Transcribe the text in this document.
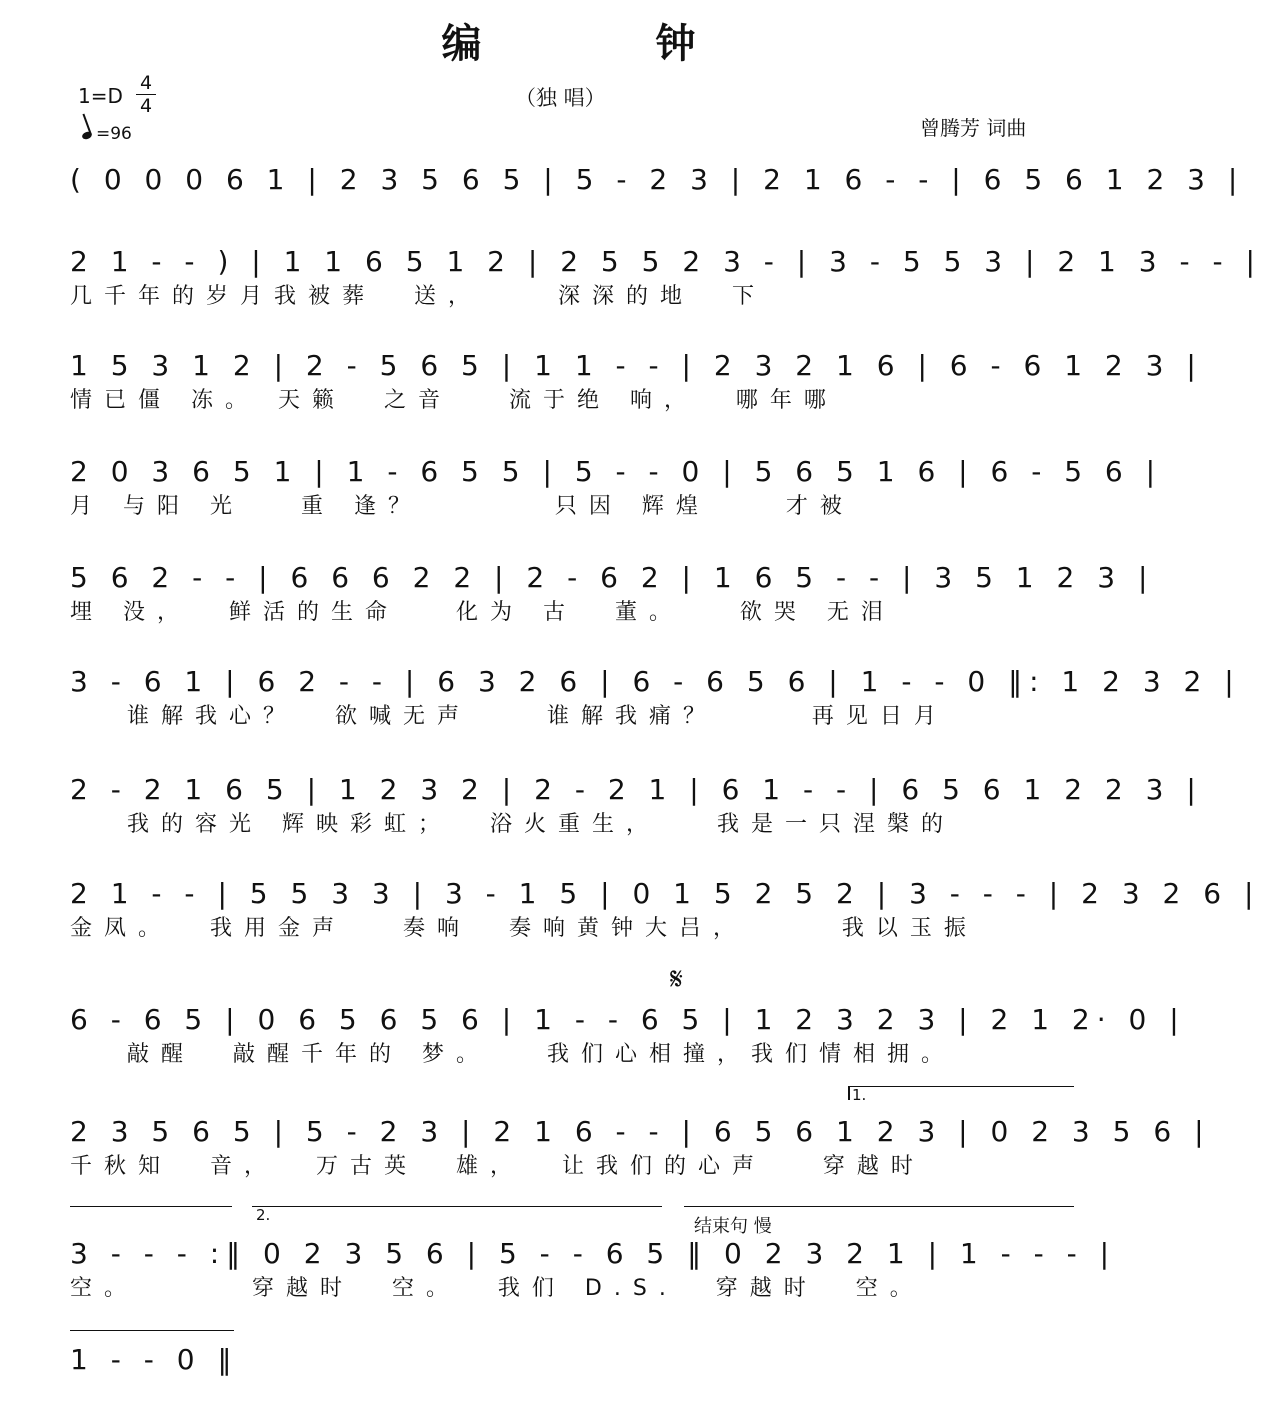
编 钟
1=D
4
4
=96
（独 唱）
曾腾芳 词曲
( 0 0 0 6 1 | 2 3 5 6 5 | 5 - 2 3 | 2 1 6 - - | 6 5 6 1 2 3 |
2 1 - - ) | 1 1 6 5 1 2 | 2 5 5 2 3 - | 3 - 5 5 3 | 2 1 3 - - |
几千年的岁月我被葬  送，    深深的地  下
1 5 3 1 2 | 2 - 5 6 5 | 1 1 - - | 2 3 2 1 6 | 6 - 6 1 2 3 |
情已僵 冻。 天籁  之音   流于绝 响，  哪年哪
2 0 3 6 5 1 | 1 - 6 5 5 | 5 - - 0 | 5 6 5 1 6 | 6 - 5 6 |
月 与阳 光   重 逢？       只因 辉煌    才被
5 6 2 - - | 6 6 6 2 2 | 2 - 6 2 | 1 6 5 - - | 3 5 1 2 3 |
埋 没，  鲜活的生命   化为 古  董。   欲哭 无泪
3 - 6 1 | 6 2 - - | 6 3 2 6 | 6 - 6 5 6 | 1 - - 0 ‖: 1 2 3 2 |
谁解我心？  欲喊无声    谁解我痛？     再见日月
2 - 2 1 6 5 | 1 2 3 2 | 2 - 2 1 | 6 1 - - | 6 5 6 1 2 2 3 |
我的容光 辉映彩虹；  浴火重生，   我是一只涅槃的
2 1 - - | 5 5 3 3 | 3 - 1 5 | 0 1 5 2 5 2 | 3 - - - | 2 3 2 6 |
金凤。  我用金声   奏响  奏响黄钟大吕，     我以玉振
𝄋
6 - 6 5 | 0 6 5 6 5 6 | 1 - - 6 5 | 1 2 3 2 3 | 2 1 2· 0 |
敲醒  敲醒千年的 梦。   我们心相撞，我们情相拥。
1.
2 3 5 6 5 | 5 - 2 3 | 2 1 6 - - | 6 5 6 1 2 3 | 0 2 3 5 6 |
千秋知  音，  万古英  雄，  让我们的心声   穿越时
2.
结束句 慢
3 - - - :‖ 0 2 3 5 6 | 5 - - 6 5 ‖ 0 2 3 2 1 | 1 - - - |
空。      穿越时  空。  我们 D.S.  穿越时  空。
1 - - 0 ‖
